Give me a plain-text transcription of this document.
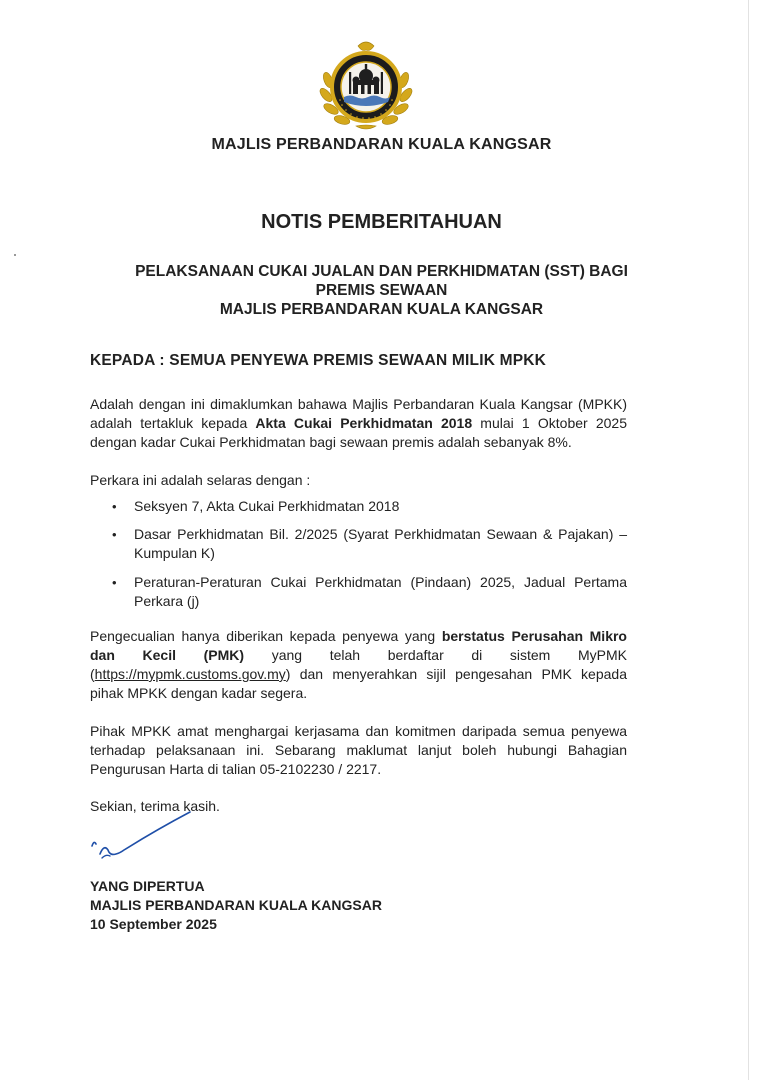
MAJLIS PERBANDARAN KUALA KANGSAR
NOTIS PEMBERITAHUAN
PELAKSANAAN CUKAI JUALAN DAN PERKHIDMATAN (SST) BAGI
PREMIS SEWAAN
MAJLIS PERBANDARAN KUALA KANGSAR
KEPADA : SEMUA PENYEWA PREMIS SEWAAN MILIK MPKK
Adalah dengan ini dimaklumkan bahawa Majlis Perbandaran Kuala Kangsar (MPKK) adalah tertakluk kepada Akta Cukai Perkhidmatan 2018 mulai 1 Oktober 2025 dengan kadar Cukai Perkhidmatan bagi sewaan premis adalah sebanyak 8%.
Perkara ini adalah selaras dengan :
• Seksyen 7, Akta Cukai Perkhidmatan 2018
• Dasar Perkhidmatan Bil. 2/2025 (Syarat Perkhidmatan Sewaan & Pajakan) – Kumpulan K)
• Peraturan-Peraturan Cukai Perkhidmatan (Pindaan) 2025, Jadual Pertama Perkara (j)
Pengecualian hanya diberikan kepada penyewa yang berstatus Perusahan Mikro dan Kecil (PMK) yang telah berdaftar di sistem MyPMK (https://mypmk.customs.gov.my) dan menyerahkan sijil pengesahan PMK kepada pihak MPKK dengan kadar segera.
Pihak MPKK amat menghargai kerjasama dan komitmen daripada semua penyewa terhadap pelaksanaan ini. Sebarang maklumat lanjut boleh hubungi Bahagian Pengurusan Harta di talian 05-2102230 / 2217.
Sekian, terima kasih.
YANG DIPERTUA
MAJLIS PERBANDARAN KUALA KANGSAR
10 September 2025
